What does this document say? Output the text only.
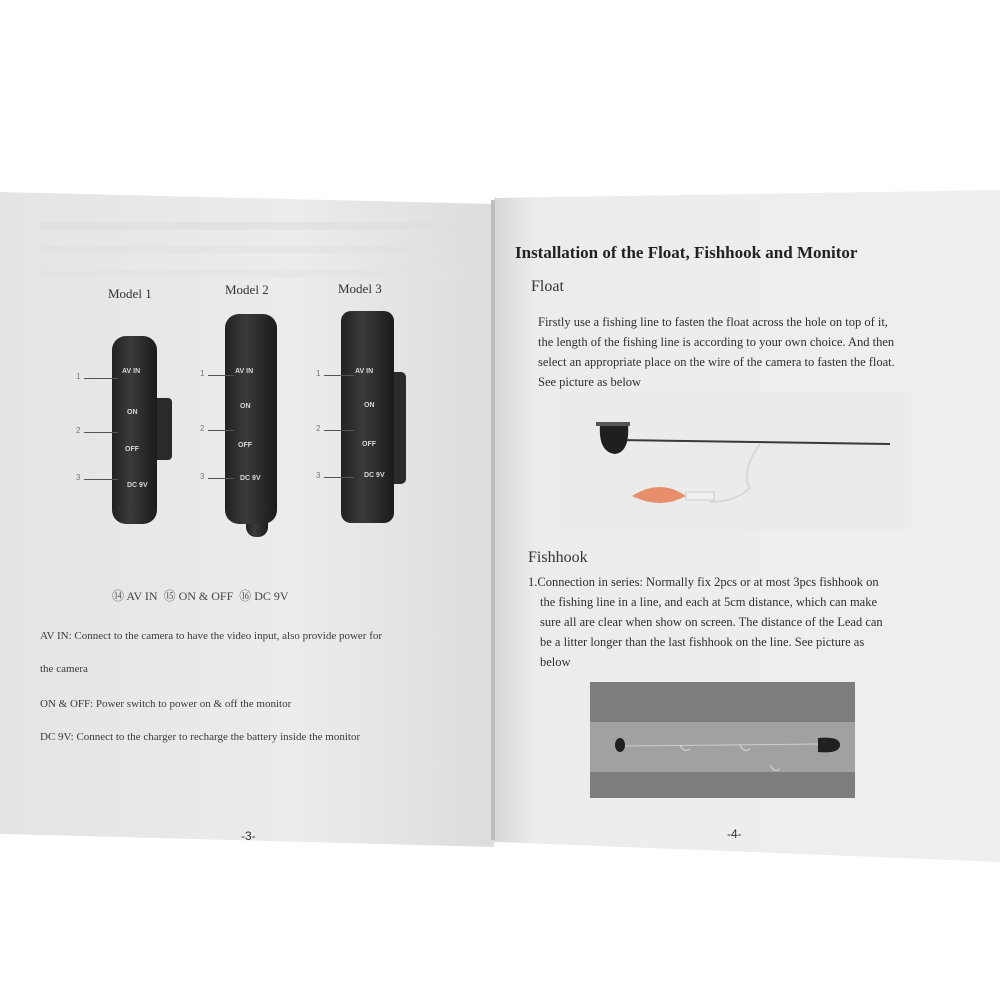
Model 1	Model 2	Model 3
AV IN
ON
OFF
DC 9V
AV IN
ON
OFF
DC 9V
AV IN
ON
OFF
DC 9V
1
2
3
1
2
3
1
2
3
⑭ AV IN  ⑮ ON & OFF  ⑯ DC 9V
AV IN: Connect to the camera to have the video input, also provide power for
the camera
ON & OFF: Power switch to power on & off the monitor
DC 9V: Connect to the charger to recharge the battery inside the monitor
-3-
Installation of the Float, Fishhook and Monitor
Float
Firstly use a fishing line to fasten the float across the hole on top of it,
the length of the fishing line is according to your own choice. And then
select an appropriate place on the wire of the camera to fasten the float.
See picture as below
Fishhook
1.Connection in series: Normally fix 2pcs or at most 3pcs fishhook on
the fishing line in a line, and each at 5cm distance, which can make
sure all are clear when show on screen. The distance of the Lead can
be a litter longer than the last fishhook on the line. See picture as
below
-4-
